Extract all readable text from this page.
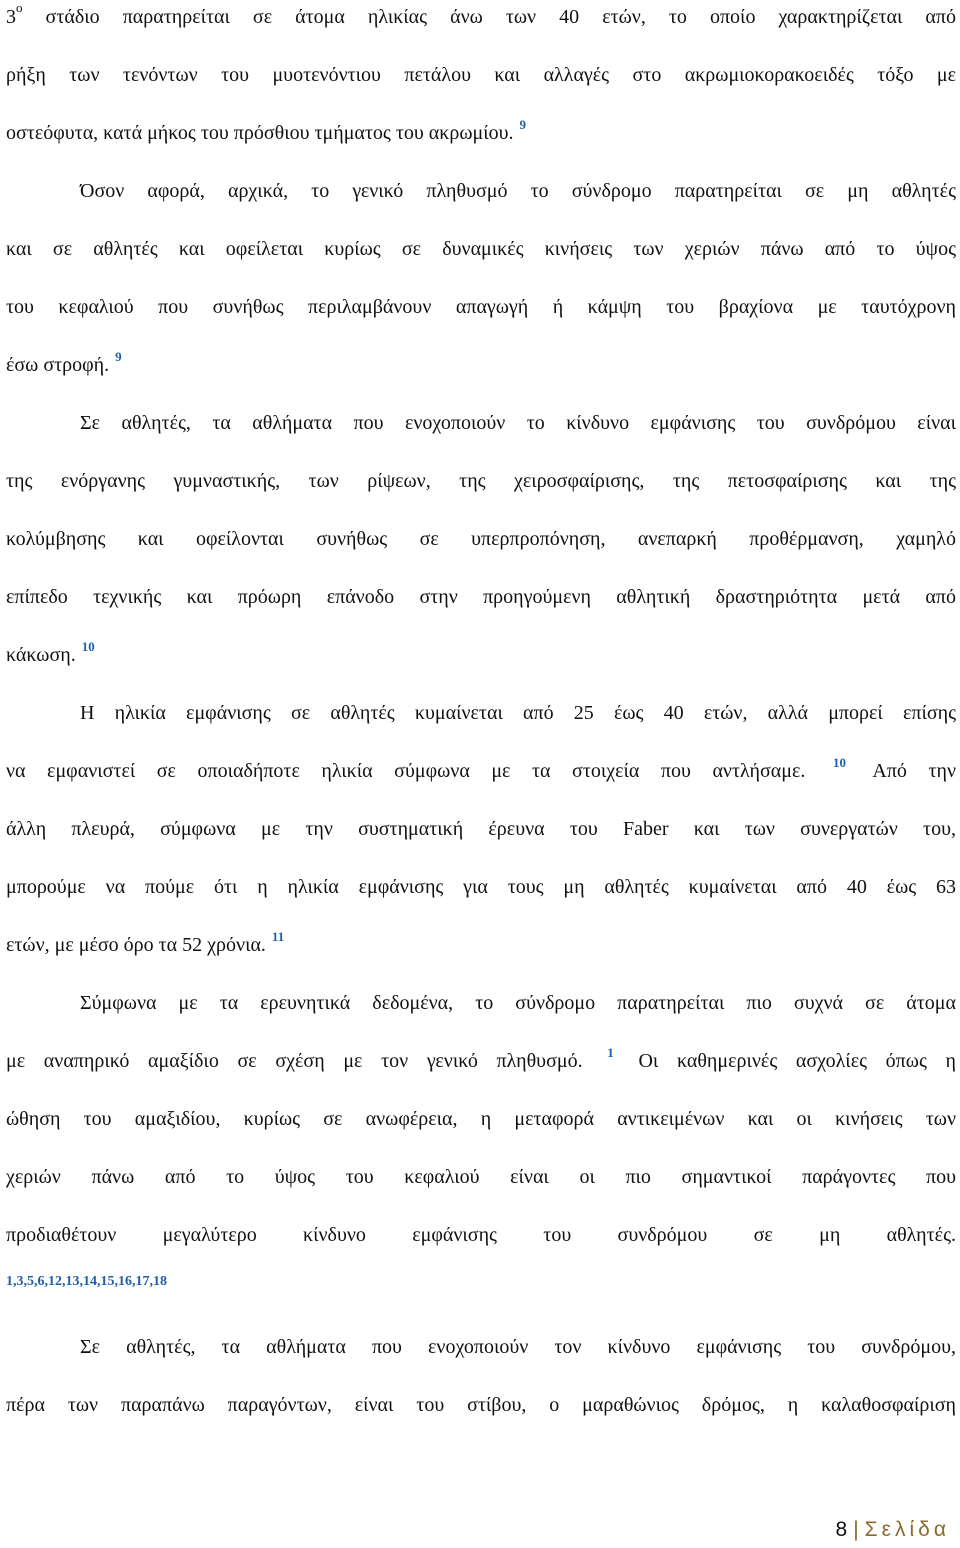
$3^o$ στάδιο παρατηρείται σε άτομα ηλικίας άνω των 40 ετών, το οποίο χαρακτηρίζεται από
ρήξη των τενόντων του μυοτενόντιου πετάλου και αλλαγές στο ακρωμιοκορακοειδές τόξο με
οστεόφυτα, κατά μήκος του πρόσθιου τμήματος του ακρωμίου. $^9$
Όσον αφορά, αρχικά, το γενικό πληθυσμό το σύνδρομο παρατηρείται σε μη αθλητές
και σε αθλητές και οφείλεται κυρίως σε δυναμικές κινήσεις των χεριών πάνω από το ύψος
του κεφαλιού που συνήθως περιλαμβάνουν απαγωγή ή κάμψη του βραχίονα με ταυτόχρονη
έσω στροφή. $^9$
Σε αθλητές, τα αθλήματα που ενοχοποιούν το κίνδυνο εμφάνισης του συνδρόμου είναι
της ενόργανης γυμναστικής, των ρίψεων, της χειροσφαίρισης, της πετοσφαίρισης και της
κολύμβησης και οφείλονται συνήθως σε υπερπροπόνηση, ανεπαρκή προθέρμανση, χαμηλό
επίπεδο τεχνικής και πρόωρη επάνοδο στην προηγούμενη αθλητική δραστηριότητα μετά από
κάκωση. $^{10}$
Η ηλικία εμφάνισης σε αθλητές κυμαίνεται από 25 έως 40 ετών, αλλά μπορεί επίσης
να εμφανιστεί σε οποιαδήποτε ηλικία σύμφωνα με τα στοιχεία που αντλήσαμε. $^{10}$ Από την
άλλη πλευρά, σύμφωνα με την συστηματική έρευνα του Faber και των συνεργατών του,
μπορούμε να πούμε ότι η ηλικία εμφάνισης για τους μη αθλητές κυμαίνεται από 40 έως 63
ετών, με μέσο όρο τα 52 χρόνια. $^{11}$
Σύμφωνα με τα ερευνητικά δεδομένα, το σύνδρομο παρατηρείται πιο συχνά σε άτομα
με αναπηρικό αμαξίδιο σε σχέση με τον γενικό πληθυσμό. $^1$ Οι καθημερινές ασχολίες όπως η
ώθηση του αμαξιδίου, κυρίως σε ανωφέρεια, η μεταφορά αντικειμένων και οι κινήσεις των
χεριών πάνω από το ύψος του κεφαλιού είναι οι πιο σημαντικοί παράγοντες που
προδιαθέτουν μεγαλύτερο κίνδυνο εμφάνισης του συνδρόμου σε μη αθλητές.
1,3,5,6,12,13,14,15,16,17,18
Σε αθλητές, τα αθλήματα που ενοχοποιούν τον κίνδυνο εμφάνισης του συνδρόμου,
πέρα των παραπάνω παραγόντων, είναι του στίβου, ο μαραθώνιος δρόμος, η καλαθοσφαίριση
8 | Σελίδα
